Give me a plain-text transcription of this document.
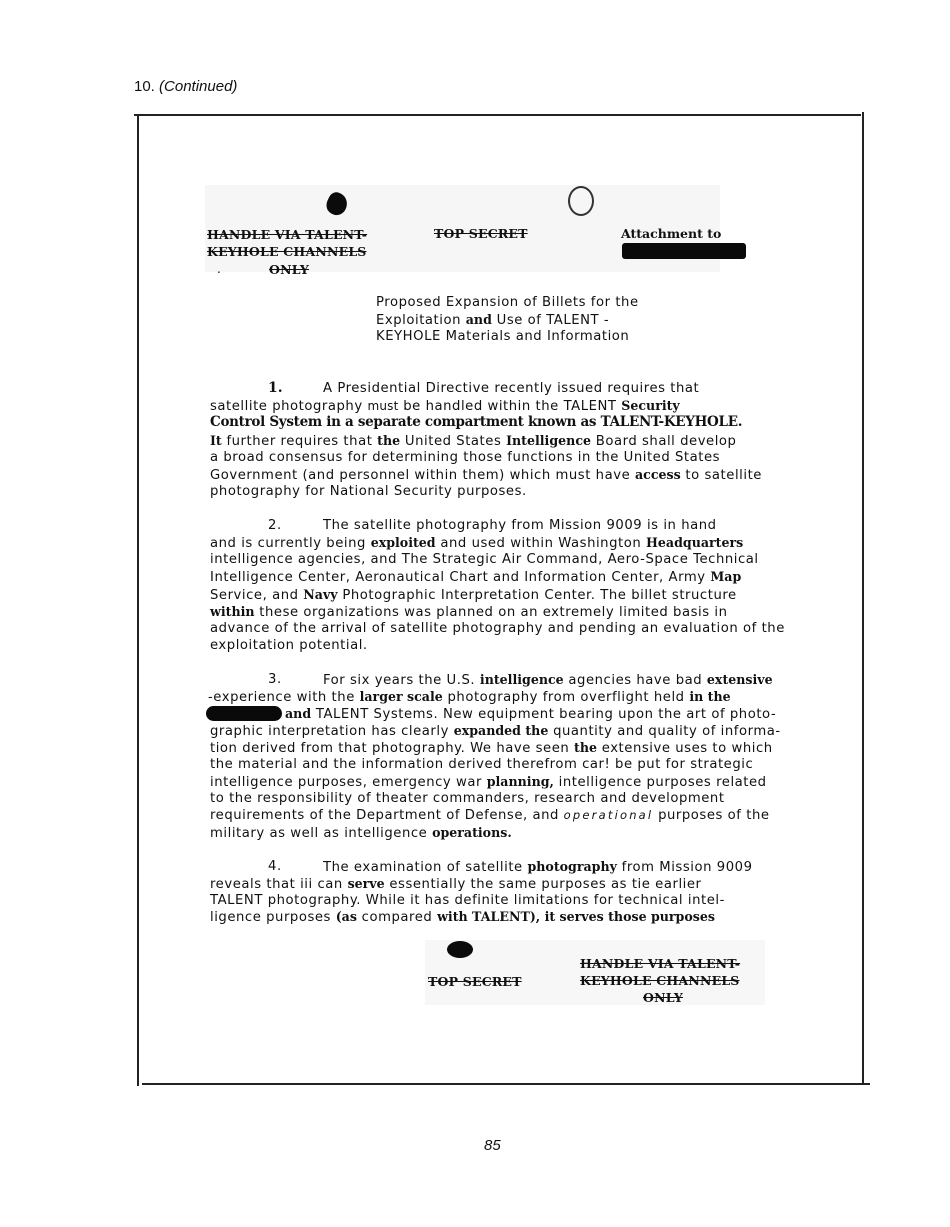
10. (Continued)
HANDLE VIA TALENT-
KEYHOLE CHANNELS
.	ONLY
TOP SECRET	Attachment to
Proposed Expansion of Billets for the
Exploitation and Use of TALENT -
KEYHOLE Materials and Information
1.	A Presidential Directive recently issued requires that
satellite photography must be handled within the TALENT Security
Control System in a separate compartment known as TALENT-KEYHOLE.
It further requires that the United States Intelligence Board shall develop
a broad consensus for determining those functions in the United States
Government (and personnel within them) which must have access to satellite
photography for National Security purposes.
2.	The satellite photography from Mission 9009 is in hand
and is currently being exploited and used within Washington Headquarters
intelligence agencies, and The Strategic Air Command, Aero-Space Technical
Intelligence Center, Aeronautical Chart and Information Center, Army Map
Service, and Navy Photographic Interpretation Center. The billet structure
within these organizations was planned on an extremely limited basis in
advance of the arrival of satellite photography and pending an evaluation of the
exploitation potential.
3.	For six years the U.S. intelligence agencies have bad extensive
-experience with the larger scale photography from overflight held in the
and TALENT Systems. New equipment bearing upon the art of photo-
graphic interpretation has clearly expanded the quantity and quality of informa-
tion derived from that photography. We have seen the extensive uses to which
the material and the information derived therefrom car! be put for strategic
intelligence purposes, emergency war planning, intelligence purposes related
to the responsibility of theater commanders, research and development
requirements of the Department of Defense, and operational purposes of the
military as well as intelligence operations.
4.	The examination of satellite photography from Mission 9009
reveals that iii can serve essentially the same purposes as tie earlier
TALENT photography. While it has definite limitations for technical intel-
ligence purposes (as compared with TALENT), it serves those purposes
TOP SECRET
HANDLE VIA TALENT-
KEYHOLE CHANNELS
ONLY
85
